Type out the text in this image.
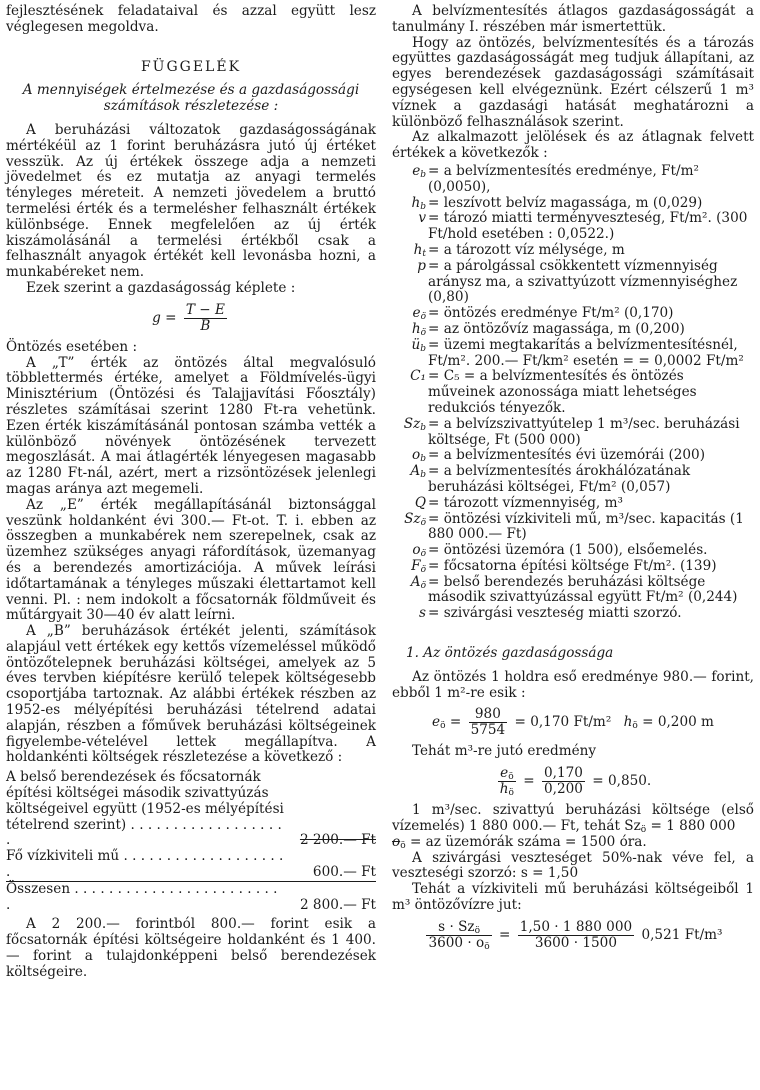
fejlesztésének feladataival és azzal együtt lesz véglegesen megoldva.

FÜGGELÉK

A mennyiségek értelmezése és a gazdaságossági számítások részletezése :

A beruházási változatok gazdaságosságának mértékéül az 1 forint beruházásra jutó új értéket vesszük. Az új értékek összege adja a nemzeti jövedelmet és ez mutatja az anyagi termelés tényleges méreteit. A nemzeti jövedelem a bruttó termelési érték és a termelésher felhasznált értékek különbsége. Ennek megfelelően az új érték kiszámolásánál a termelési értékből csak a felhasznált anyagok értékét kell levonásba hozni, a munkabéreket nem.

Ezek szerint a gazdaságosság képlete :

$g = \frac{T - E}{B}$

Öntözés esetében :

A „T” érték az öntözés által megvalósuló többlettermés értéke, amelyet a Földmívelés-ügyi Minisztérium (Öntözési és Talajjavítási Főosztály) részletes számításai szerint 1280 Ft-ra vehetünk. Ezen érték kiszámításánál pontosan számba vették a különböző növények öntözésének tervezett megoszlását. A mai átlagérték lényegesen magasabb az 1280 Ft-nál, azért, mert a rizsöntözések jelenlegi magas aránya azt megemeli.

Az „E” érték megállapításánál biztonsággal veszünk holdanként évi 300.— Ft-ot. T. i. ebben az összegben a munkabérek nem szerepelnek, csak az üzemhez szükséges anyagi ráfordítások, üzemanyag és a berendezés amortizációja. A művek leírási időtartamának a tényleges műszaki élettartamot kell venni. Pl. : nem indokolt a főcsatornák földműveit és műtárgyait 30—40 év alatt leírni.

A „B” beruházások értékét jelenti, számítások alapjául vett értékek egy kettős vízemeléssel működő öntözőtelepnek beruházási költségei, amelyek az 5 éves tervben kiépítésre kerülő telepek költségesebb csoportjába tartoznak. Az alábbi értékek részben az 1952-es mélyépítési beruházási tételrend adatai alapján, részben a főművek beruházási költségeinek figyelembe-vételével lettek megállapítva. A holdankénti költségek részletezése a következő :

A belső berendezések és főcsatornák építési költségei második szivattyúzás költségeivel együtt (1952-es mélyépítési tételrend szerint) . . . . . . . . . . . . . . . . . . .	2 200.— Ft
Fő vízkiviteli mű . . . . . . . . . . . . . . . . . . . .	600.— Ft
Összesen . . . . . . . . . . . . . . . . . . . . . . . . .	2 800.— Ft

A 2 200.— forintból 800.— forint esik a főcsatornák építési költségeire holdanként és 1 400.— forint a tulajdonképpeni belső berendezések költségeire.

A belvízmentesítés átlagos gazdaságosságát a tanulmány I. részében már ismertettük.

Hogy az öntözés, belvízmentesítés és a tározás együttes gazdaságosságát meg tudjuk állapítani, az egyes berendezések gazdaságossági számításait egységesen kell elvégeznünk. Ezért célszerű 1 m³ víznek a gazdasági hatását meghatározni a különböző felhasználások szerint.

Az alkalmazott jelölések és az átlagnak felvett értékek a következők :

$e_b = a$ belvízmentesítés eredménye, Ft/m² (0,0050),
$h_b$ = leszívott belvíz magassága, m (0,029)
v = tározó miatti terményveszteség, Ft/m². (300 Ft/hold esetében : 0,0522.)
$h_t = a$ tározott víz mélysége, m
p = a párolgással csökkentett vízmennyiség aránysz ma, a szivattyúzott vízmennyiséghez (0,80)
$e_ö$ = öntözés eredménye Ft/m² (0,170)
$h_ö$ = az öntözővíz magassága, m (0,200)
$ü_b$ = üzemi megtakarítás a belvízmentesítésnél, Ft/m². 200.— Ft/km² esetén = = 0,0002 Ft/m²
C₁ = C₅ = a belvízmentesítés és öntözés műveinek azonossága miatt lehetséges redukciós tényezők.
$Sz_b = a$ belvízszivattyútelep 1 m³/sec. beruházási költsége, Ft (500 000)
$o_b = a$ belvízmentesítés évi üzemórái (200)
$A_b = a$ belvízmentesítés árokhálózatának beruházási költségei, Ft/m² (0,057)
Q = tározott vízmennyiség, m³
$Sz_ö$ = öntözési vízkiviteli mű, m³/sec. kapacitás (1 880 000.— Ft)
$o_ö$ = öntözési üzemóra (1 500), elsőemelés.
$F_ö$ = főcsatorna építési költsége Ft/m². (139)
$A_ö$ = belső berendezés beruházási költsége második szivattyúzással együtt Ft/m² (0,244)
s = szivárgási veszteség miatti szorzó.

1. Az öntözés gazdaságossága

Az öntözés 1 holdra eső eredménye 980.— forint, ebből 1 m²-re esik :

$e_ö = \frac{980}{5754} = 0,170$ Ft/m² $h_ö = 0,200$ m

Tehát m³-re jutó eredmény

$\frac{e_ö}{h_ö} = \frac{0,170}{0,200} = 0,850$.

1 m³/sec. szivattyú beruházási költsége (első vízemelés) 1 880 000.— Ft, tehát $Sz_ö = 1$ 880 000
$o_ö$ = az üzemórák száma = 1500 óra.

A szivárgási veszteséget 50%-nak véve fel, a veszteségi szorzó: s = 1,50

Tehát a vízkiviteli mű beruházási költségeiből 1 m³ öntözővízre jut:

$\frac{s \cdot Sz_ö}{3600 \cdot o_ö} = \frac{1,50 \cdot 1 880 000}{3600 \cdot 1500} 0,521$ Ft/m³
